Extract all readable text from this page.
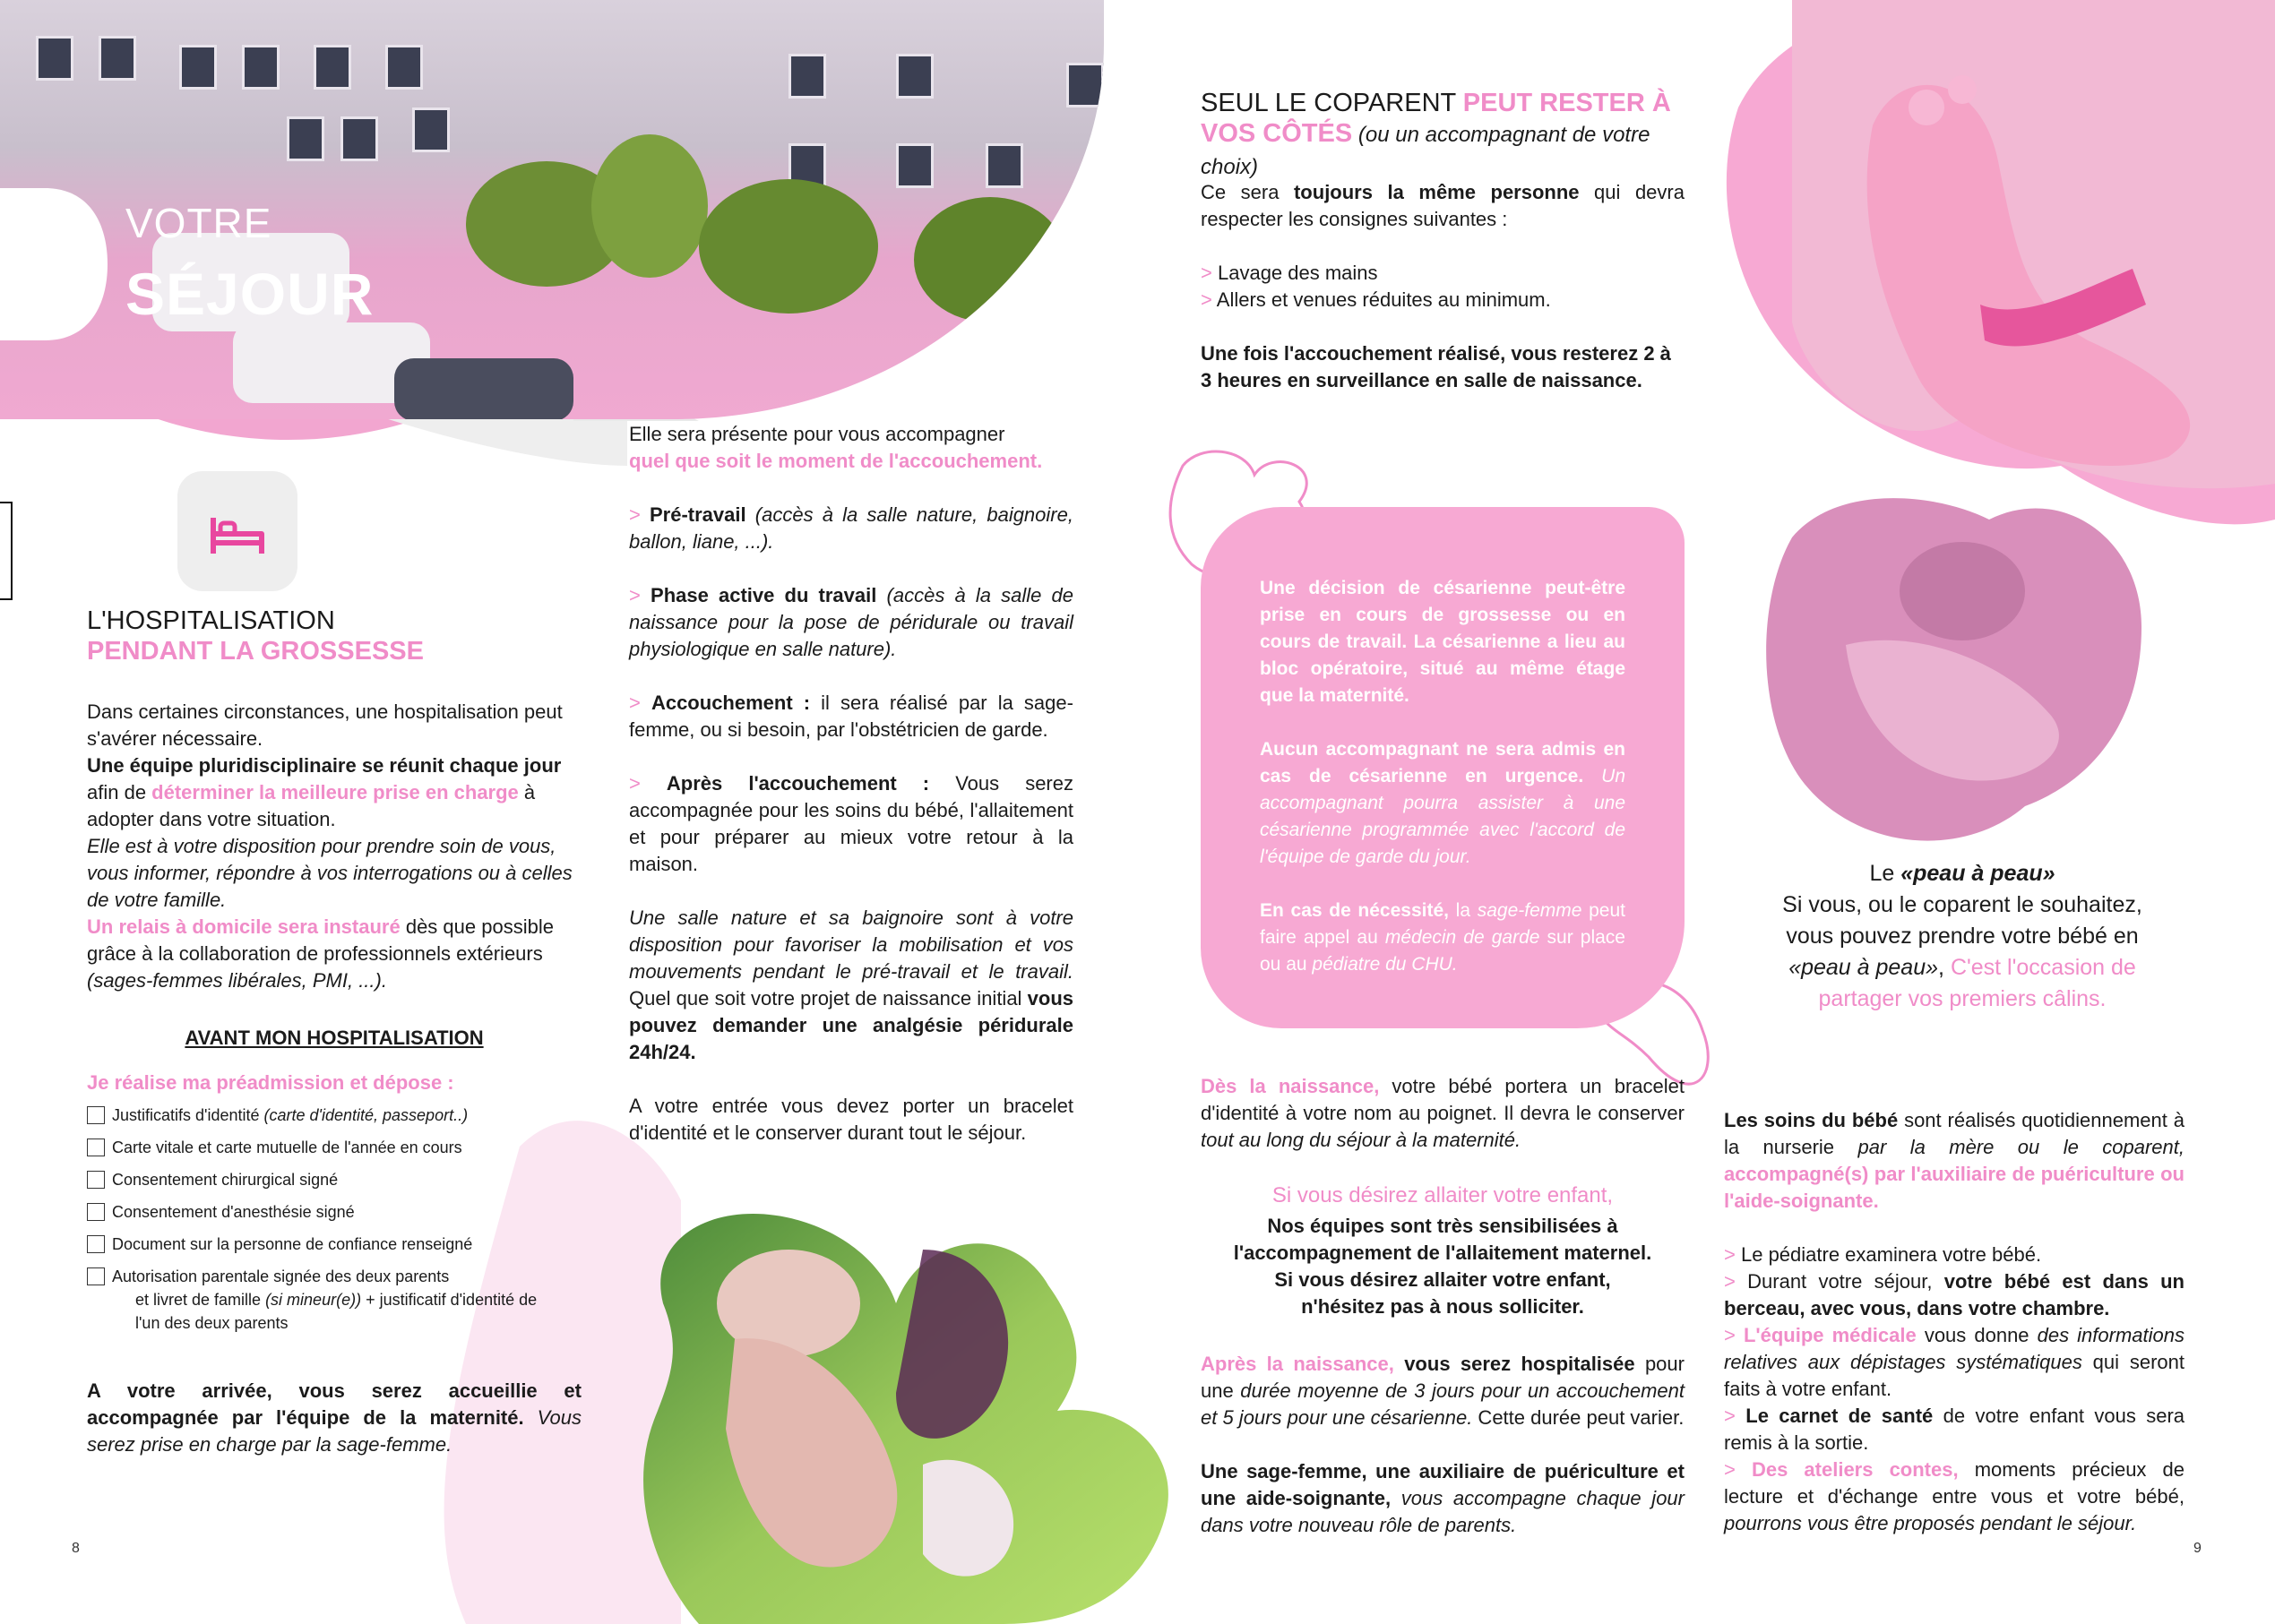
VOTRE
SÉJOUR
L'HOSPITALISATION
PENDANT LA GROSSESSE
Dans certaines circonstances, une hospitalisation peut s'avérer nécessaire.
Une équipe pluridisciplinaire se réunit chaque jour afin de déterminer la meilleure prise en charge à adopter dans votre situation.
Elle est à votre disposition pour prendre soin de vous, vous informer, répondre à vos interrogations ou à celles de votre famille.
Un relais à domicile sera instauré dès que possible grâce à la collaboration de professionnels extérieurs (sages-femmes libérales, PMI, ...).
AVANT MON HOSPITALISATION
Je réalise ma préadmission et dépose :
Justificatifs d'identité (carte d'identité, passeport..)
Carte vitale et carte mutuelle de l'année en cours
Consentement chirurgical signé
Consentement d'anesthésie signé
Document sur la personne de confiance renseigné
Autorisation parentale signée des deux parents
et livret de famille (si mineur(e)) + justificatif d'identité de
l'un des deux parents
A votre arrivée, vous serez accueillie et accompagnée par l'équipe de la maternité. Vous serez prise en charge par la sage-femme.
8
Elle sera présente pour vous accompagner
quel que soit le moment de l'accouchement.
> Pré-travail (accès à la salle nature, baignoire, ballon, liane, ...).
> Phase active du travail (accès à la salle de naissance pour la pose de péridurale ou travail physiologique en salle nature).
> Accouchement : il sera réalisé par la sage-femme, ou si besoin, par l'obstétricien de garde.
> Après l'accouchement : Vous serez accompagnée pour les soins du bébé, l'allaitement et pour préparer au mieux votre retour à la maison.
Une salle nature et sa baignoire sont à votre disposition pour favoriser la mobilisation et vos mouvements pendant le pré-travail et le travail. Quel que soit votre projet de naissance initial vous pouvez demander une analgésie péridurale 24h/24.
A votre entrée vous devez porter un bracelet d'identité et le conserver durant tout le séjour.
SEUL LE COPARENT PEUT RESTER À VOS CÔTÉS (ou un accompagnant de votre choix)
Ce sera toujours la même personne qui devra respecter les consignes suivantes :
> Lavage des mains
> Allers et venues réduites au minimum.
Une fois l'accouchement réalisé, vous resterez 2 à 3 heures en surveillance en salle de naissance.
Une décision de césarienne peut-être prise en cours de grossesse ou en cours de travail. La césarienne a lieu au bloc opératoire, situé au même étage que la maternité.
Aucun accompagnant ne sera admis en cas de césarienne en urgence. Un accompagnant pourra assister à une césarienne programmée avec l'accord de l'équipe de garde du jour.
En cas de nécessité, la sage-femme peut faire appel au médecin de garde sur place ou au pédiatre du CHU.
Dès la naissance, votre bébé portera un bracelet d'identité à votre nom au poignet. Il devra le conserver tout au long du séjour à la maternité.
Si vous désirez allaiter votre enfant,
Nos équipes sont très sensibilisées à
l'accompagnement de l'allaitement maternel.
Si vous désirez allaiter votre enfant,
n'hésitez pas à nous solliciter.
Après la naissance, vous serez hospitalisée pour une durée moyenne de 3 jours pour un accouchement et 5 jours pour une césarienne. Cette durée peut varier.
Une sage-femme, une auxiliaire de puériculture et une aide-soignante, vous accompagne chaque jour dans votre nouveau rôle de parents.
Le «peau à peau»
Si vous, ou le coparent le souhaitez,
vous pouvez prendre votre bébé en
«peau à peau», C'est l'occasion de
partager vos premiers câlins.
Les soins du bébé sont réalisés quotidiennement à la nurserie par la mère ou le coparent, accompagné(s) par l'auxiliaire de puériculture ou l'aide-soignante.
> Le pédiatre examinera votre bébé.
> Durant votre séjour, votre bébé est dans un berceau, avec vous, dans votre chambre.
> L'équipe médicale vous donne des informations relatives aux dépistages systématiques qui seront faits à votre enfant.
> Le carnet de santé de votre enfant vous sera remis à la sortie.
> Des ateliers contes, moments précieux de lecture et d'échange entre vous et votre bébé, pourrons vous être proposés pendant le séjour.
9
